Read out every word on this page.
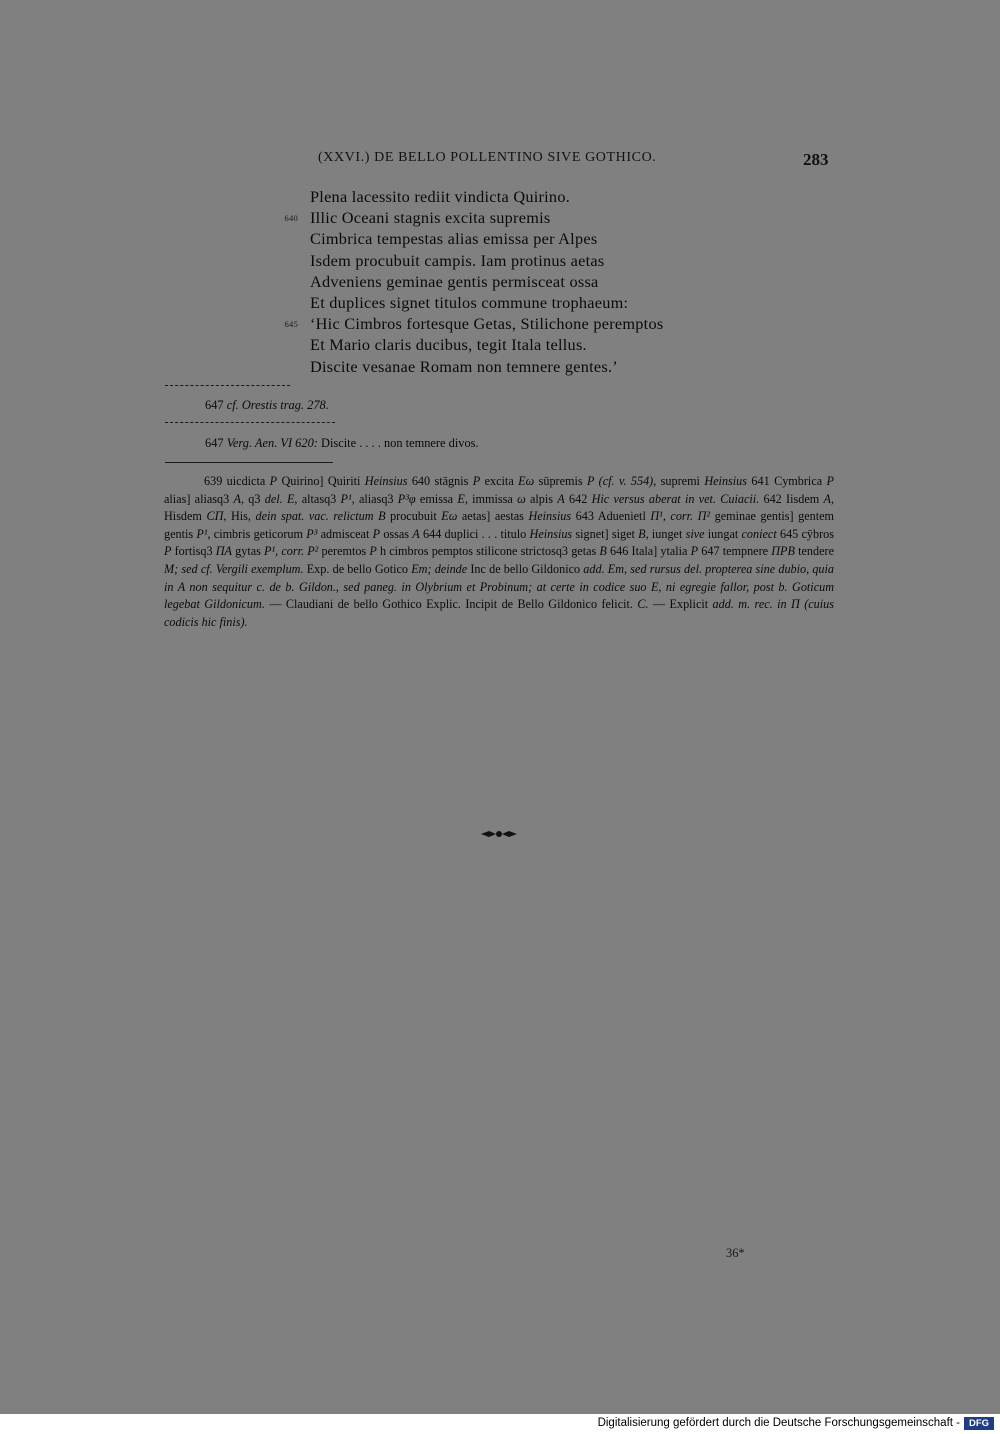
(XXVI.) DE BELLO POLLENTINO SIVE GOTHICO.	283
Plena lacessito rediit vindicta Quirino.
640 Illic Oceani stagnis excita supremis
Cimbrica tempestas alias emissa per Alpes
Isdem procubuit campis. Iam protinus aetas
Adveniens geminae gentis permisceat ossa
Et duplices signet titulos commune trophaeum:
645 ‘Hic Cimbros fortesque Getas, Stilichone peremptos
Et Mario claris ducibus, tegit Itala tellus.
Discite vesanae Romam non temnere gentes.’
647 cf. Orestis trag. 278.
647 Verg. Aen. VI 620: Discite . . . . non temnere divos.
639 uicdicta P Quirino] Quiriti Heinsius 640 stāgnis P excita Eω sūpremis P (cf. v. 554), supremi Heinsius 641 Cymbrica P alias] aliasq3 A, q3 del. E, altasq3 P¹, aliasq3 P³φ emissa E, immissa ω alpis A 642 Hic versus aberat in vet. Cuiacii. 642 Iisdem A, Hisdem CΠ, His, dein spat. vac. relictum B procubuit Eω aetas] aestas Heinsius 643 Aduenietl Π¹, corr. Π² geminae gentis] gentem gentis P¹, cimbris geticorum P³ admisceat P ossas A 644 duplici . . . titulo Heinsius signet] siget B, iunget sive iungat coniect 645 cȳbros P fortisq3 ΠA gytas P¹, corr. P² peremtos P h cimbros pemptos stilicone strictosq3 getas B 646 Itala] ytalia P 647 tempnere ΠPB tendere M; sed cf. Vergili exemplum. Exp. de bello Gotico Em; deinde Inc de bello Gildonico add. Em, sed rursus del. propterea sine dubio, quia in A non sequitur c. de b. Gildon., sed paneg. in Olybrium et Probinum; at certe in codice suo E, ni egregie fallor, post b. Goticum legebat Gildonicum. — Claudiani de bello Gothico Explic. Incipit de Bello Gildonico felicit. C. — Explicit add. m. rec. in Π (cuius codicis hic finis).
36*
Digitalisierung gefördert durch die Deutsche Forschungsgemeinschaft - DFG
